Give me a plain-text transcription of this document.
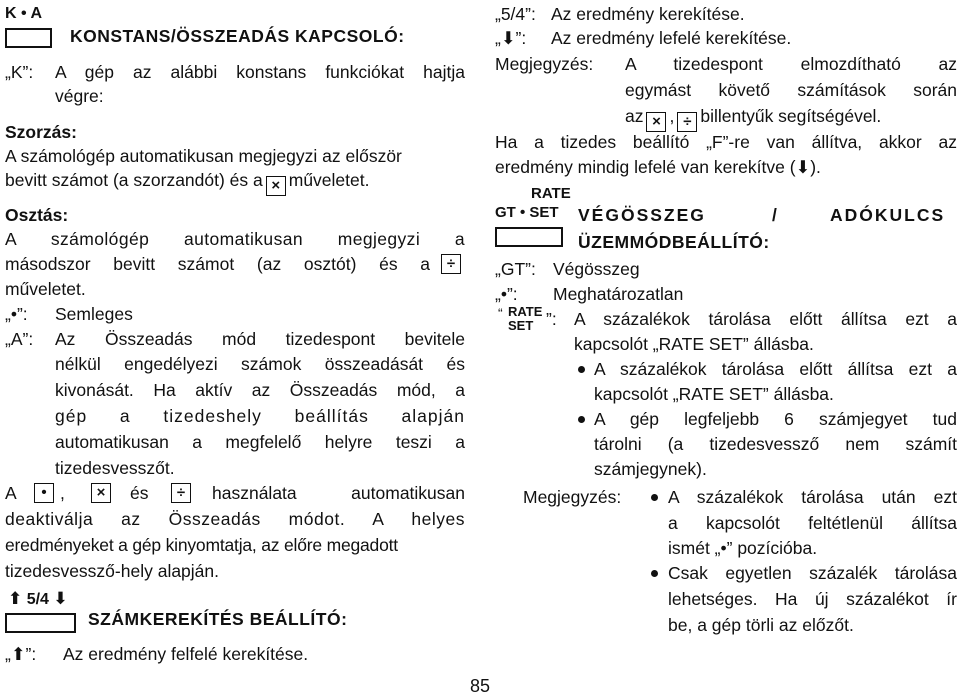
K • A
KONSTANS/ÖSSZEADÁS KAPCSOLÓ:
„K”: A gép az alábbi konstans funkciókat hajtja
végre:
Szorzás:
A számológép automatikusan megjegyzi az először
bevitt számot (a szorzandót) és a × műveletet.
Osztás:
A számológép automatikusan megjegyzi a
másodszor bevitt számot (az osztót) és a	÷
műveletet.
„•”: Semleges
„A”: Az Összeadás mód tizedespont bevitele
nélkül engedélyezi számok összeadását és
kivonását. Ha aktív az Összeadás mód, a
gép a tizedeshely beállítás alapján
automatikusan a megfelelő helyre teszi a
tizedesvesszőt.
A	• ,	×	és	÷	használata automatikusan
deaktiválja az Összeadás módot. A helyes
eredményeket a gép kinyomtatja, az előre megadott
tizedesvessző-hely alapján.
⬆ 5/4 ⬇
SZÁMKEREKÍTÉS BEÁLLÍTÓ:
„⬆”: Az eredmény felfelé kerekítése.
„5/4”: Az eredmény kerekítése.
„⬇”: Az eredmény lefelé kerekítése.
Megjegyzés: A tizedespont elmozdítható az
egymást követő számítások során
az × , ÷ billentyűk segítségével.
Ha a tizedes beállító „F”-re van állítva, akkor az
eredmény mindig lefelé van kerekítve (⬇).
RATE
GT • SET VÉGÖSSZEG	/	ADÓKULCS
ÜZEMMÓDBEÁLLÍTÓ:
„GT”: Végösszeg
„•”: Meghatározatlan
“ RATE
SET ”: A százalékok tárolása előtt állítsa ezt a
kapcsolót „RATE SET” állásba.
A százalékok tárolása előtt állítsa ezt a
kapcsolót „RATE SET” állásba.
A gép legfeljebb 6 számjegyet tud
tárolni (a tizedesvessző nem számít
számjegynek).
Megjegyzés:	A százalékok tárolása után ezt
a kapcsolót feltétlenül állítsa
ismét „•” pozícióba.
Csak egyetlen százalék tárolása
lehetséges. Ha új százalékot ír
be, a gép törli az előzőt.
85
